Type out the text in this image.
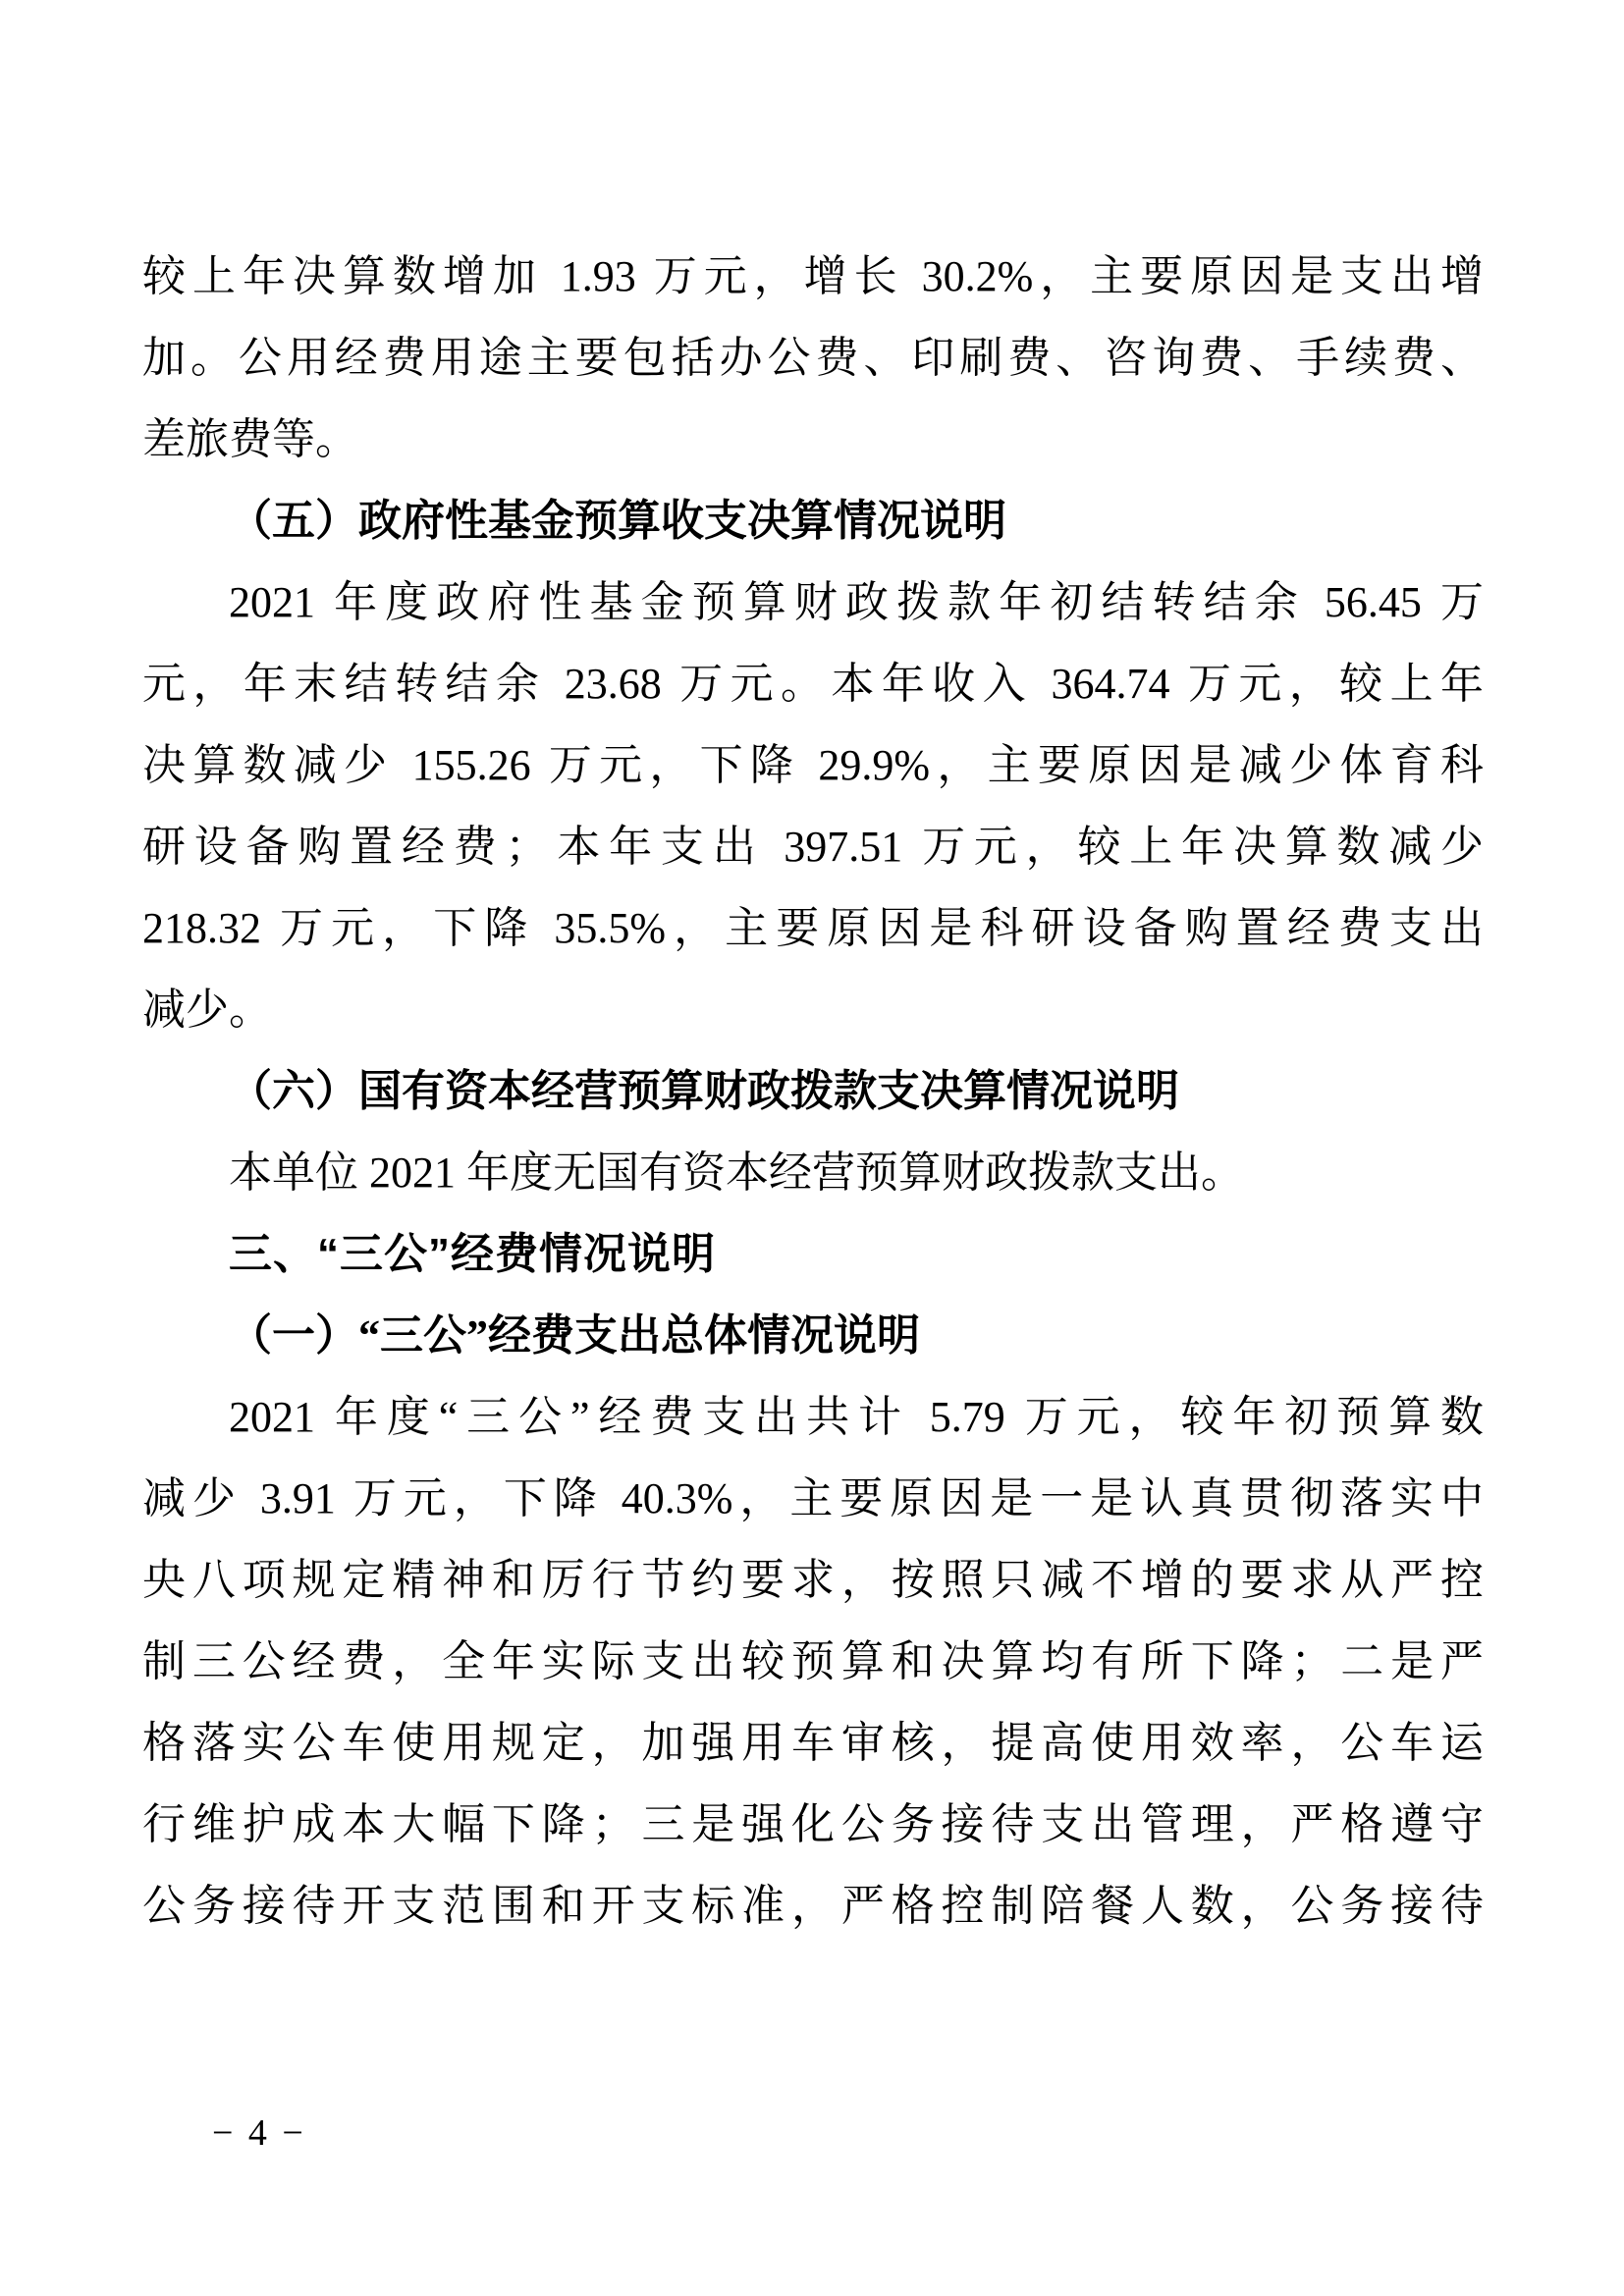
较上年决算数增加 1.93 万元，增长 30.2%，主要原因是支出增
加。公用经费用途主要包括办公费、印刷费、咨询费、手续费、
差旅费等。
（五）政府性基金预算收支决算情况说明
2021 年度政府性基金预算财政拨款年初结转结余 56.45 万
元，年末结转结余 23.68 万元。本年收入 364.74 万元，较上年
决算数减少 155.26 万元，下降 29.9%，主要原因是减少体育科
研设备购置经费；本年支出 397.51 万元，较上年决算数减少
218.32 万元，下降 35.5%，主要原因是科研设备购置经费支出
减少。
（六）国有资本经营预算财政拨款支决算情况说明
本单位 2021 年度无国有资本经营预算财政拨款支出。
三、“三公”经费情况说明
（一）“三公”经费支出总体情况说明
2021 年度“三公”经费支出共计 5.79 万元，较年初预算数
减少 3.91 万元，下降 40.3%，主要原因是一是认真贯彻落实中
央八项规定精神和厉行节约要求，按照只减不增的要求从严控
制三公经费，全年实际支出较预算和决算均有所下降；二是严
格落实公车使用规定，加强用车审核，提高使用效率，公车运
行维护成本大幅下降；三是强化公务接待支出管理，严格遵守
公务接待开支范围和开支标准，严格控制陪餐人数，公务接待
− 4 −
